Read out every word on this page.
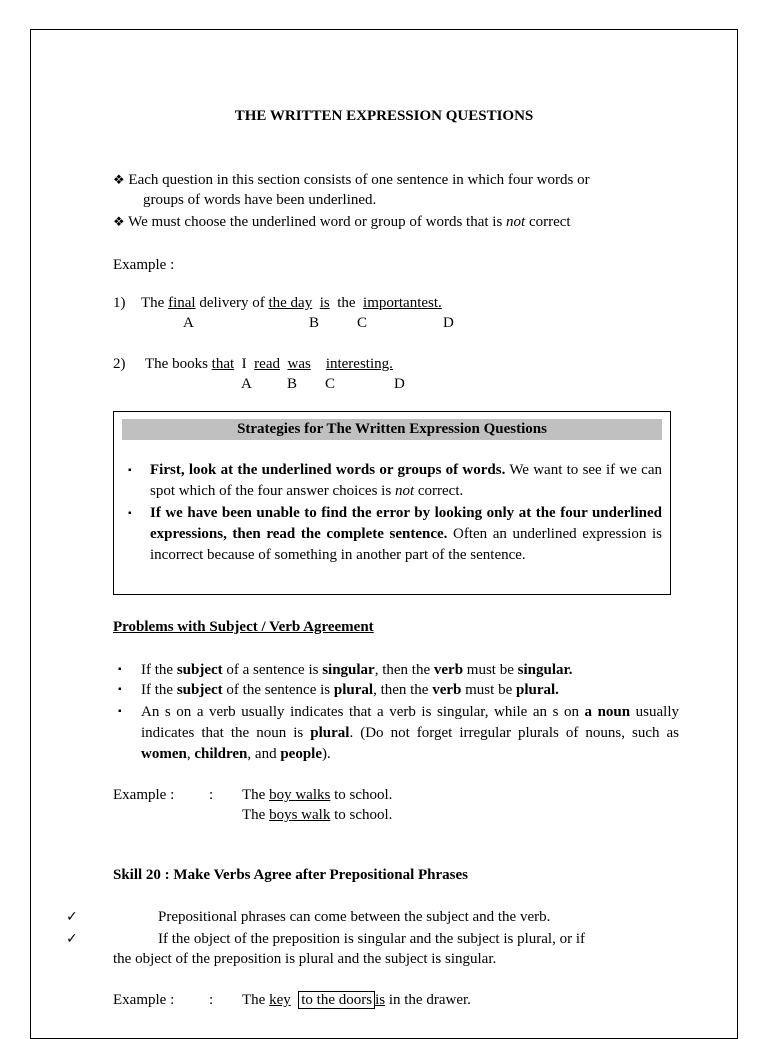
THE WRITTEN EXPRESSION QUESTIONS
❖ Each question in this section consists of one sentence in which four words or
groups of words have been underlined.
❖ We must choose the underlined word or group of words that is not correct
Example :
1) The final delivery of the day is the importantest.
A	B	C	D
2) The books that I read was interesting.
A B C	D
Strategies for The Written Expression Questions
▪ First, look at the underlined words or groups of words. We want to see if we can spot which of the four answer choices is not correct.
▪ If we have been unable to find the error by looking only at the four underlined expressions, then read the complete sentence. Often an underlined expression is incorrect because of something in another part of the sentence.
Problems with Subject / Verb Agreement
▪ If the subject of a sentence is singular, then the verb must be singular.
▪ If the subject of the sentence is plural, then the verb must be plural.
▪ An s on a verb usually indicates that a verb is singular, while an s on a noun usually indicates that the noun is plural. (Do not forget irregular plurals of nouns, such as women, children, and people).
Example : : The boy walks to school.
The boys walk to school.
Skill 20 : Make Verbs Agree after Prepositional Phrases
✓	Prepositional phrases can come between the subject and the verb.
✓	If the object of the preposition is singular and the subject is plural, or if
the object of the preposition is plural and the subject is singular.
Example : : The key to the doors is in the drawer.
